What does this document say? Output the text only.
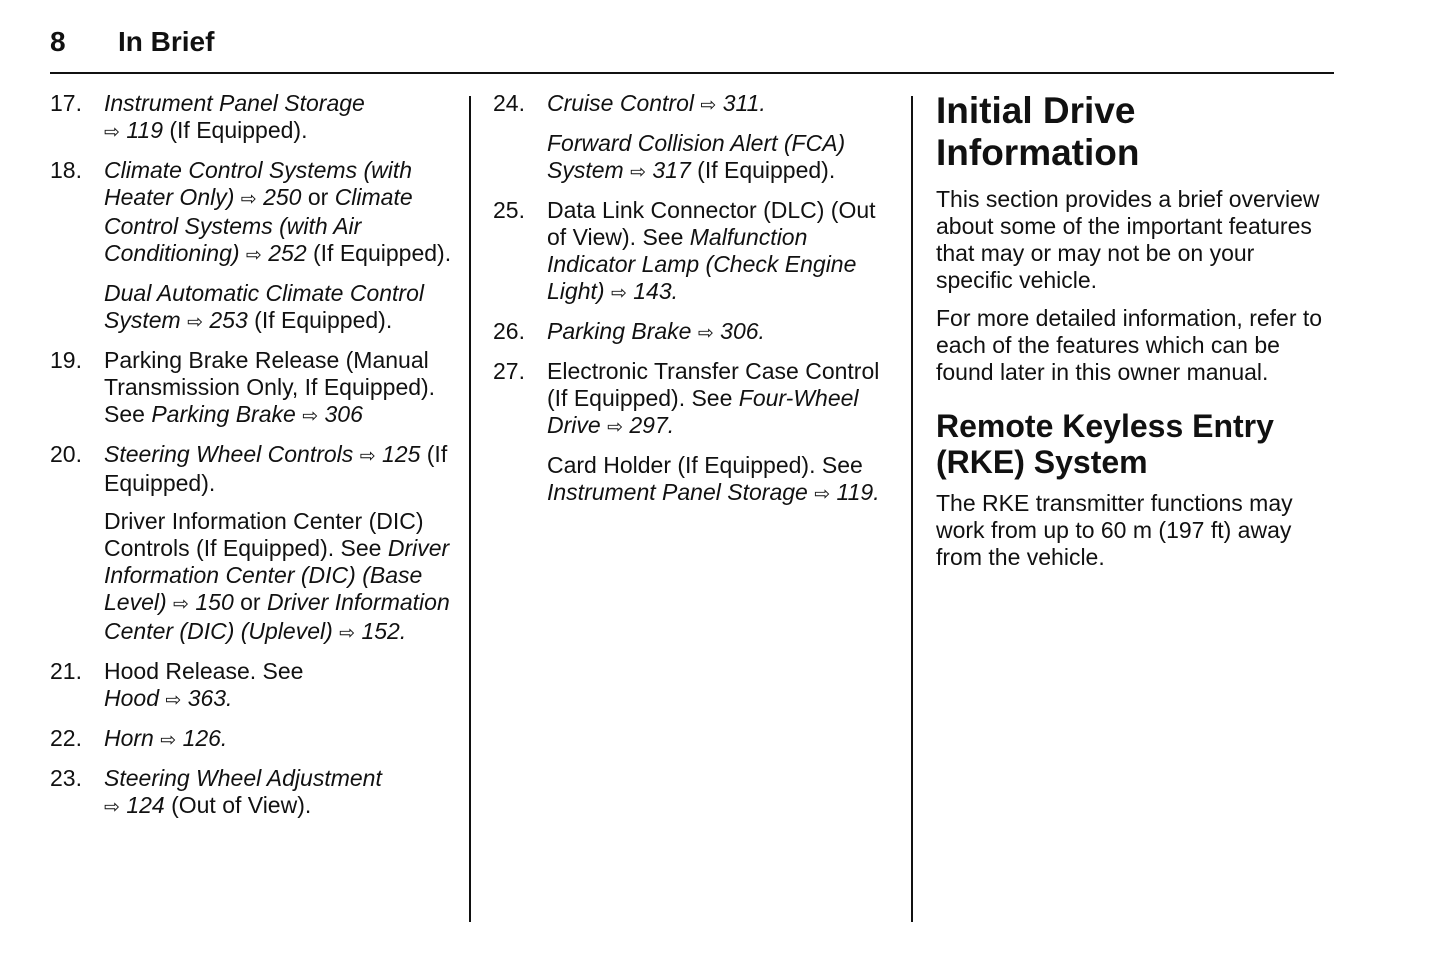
8 In Brief
17. Instrument Panel Storage
⇨ 119 (If Equipped).
18. Climate Control Systems (with Heater Only) ⇨ 250 or Climate Control Systems (with Air Conditioning) ⇨ 252 (If Equipped).
Dual Automatic Climate Control System ⇨ 253 (If Equipped).
19. Parking Brake Release (Manual Transmission Only, If Equipped). See Parking Brake ⇨ 306
20. Steering Wheel Controls ⇨ 125 (If Equipped).
Driver Information Center (DIC) Controls (If Equipped). See Driver Information Center (DIC) (Base Level) ⇨ 150 or Driver Information Center (DIC) (Uplevel) ⇨ 152.
21. Hood Release. See
Hood ⇨ 363.
22. Horn ⇨ 126.
23. Steering Wheel Adjustment
⇨ 124 (Out of View).
24. Cruise Control ⇨ 311.
Forward Collision Alert (FCA) System ⇨ 317 (If Equipped).
25. Data Link Connector (DLC) (Out of View). See Malfunction Indicator Lamp (Check Engine Light) ⇨ 143.
26. Parking Brake ⇨ 306.
27. Electronic Transfer Case Control (If Equipped). See Four-Wheel Drive ⇨ 297.
Card Holder (If Equipped). See Instrument Panel Storage ⇨ 119.
Initial Drive Information

This section provides a brief overview about some of the important features that may or may not be on your specific vehicle.

For more detailed information, refer to each of the features which can be found later in this owner manual.

Remote Keyless Entry (RKE) System

The RKE transmitter functions may work from up to 60 m (197 ft) away from the vehicle.
